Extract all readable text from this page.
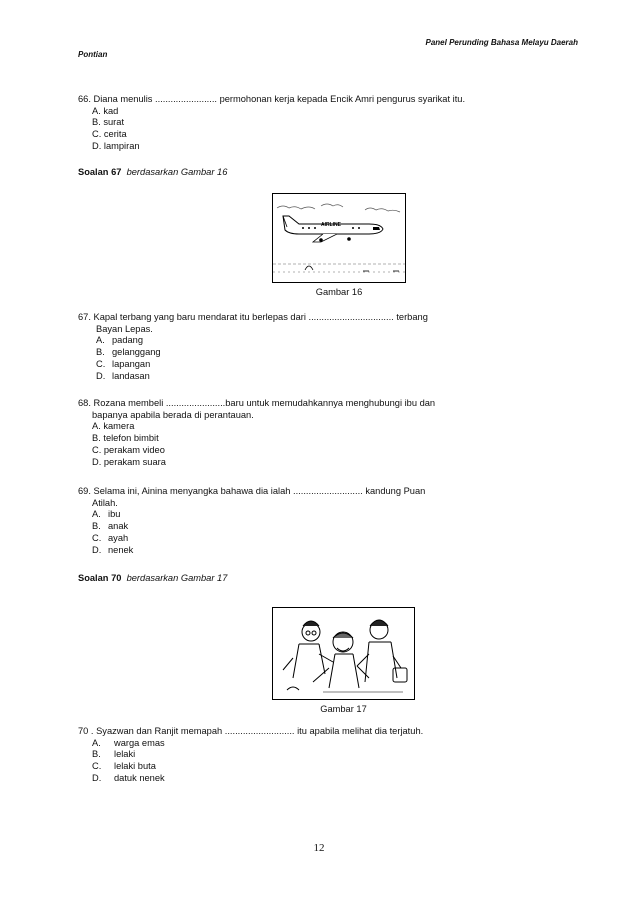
Panel Perunding Bahasa Melayu Daerah
Pontian
66. Diana menulis ........................ permohonan kerja kepada Encik Amri pengurus syarikat itu.
A. kad
B. surat
C. cerita
D. lampiran
Soalan 67 berdasarkan Gambar 16
AIRLINE
Gambar 16
67. Kapal terbang yang baru mendarat itu berlepas dari ................................. terbang
Bayan Lepas.
A. padang
B. gelanggang
C. lapangan
D. landasan
68. Rozana membeli .......................baru untuk memudahkannya menghubungi ibu dan
bapanya apabila berada di perantauan.
A. kamera
B. telefon bimbit
C. perakam video
D. perakam suara
69. Selama ini, Ainina menyangka bahawa dia ialah ........................... kandung Puan
Atilah.
A. ibu
B. anak
C. ayah
D. nenek
Soalan 70 berdasarkan Gambar 17
Gambar 17
70 . Syazwan dan Ranjit memapah ........................... itu apabila melihat dia terjatuh.
A. warga emas
B. lelaki
C. lelaki buta
D. datuk nenek
12
